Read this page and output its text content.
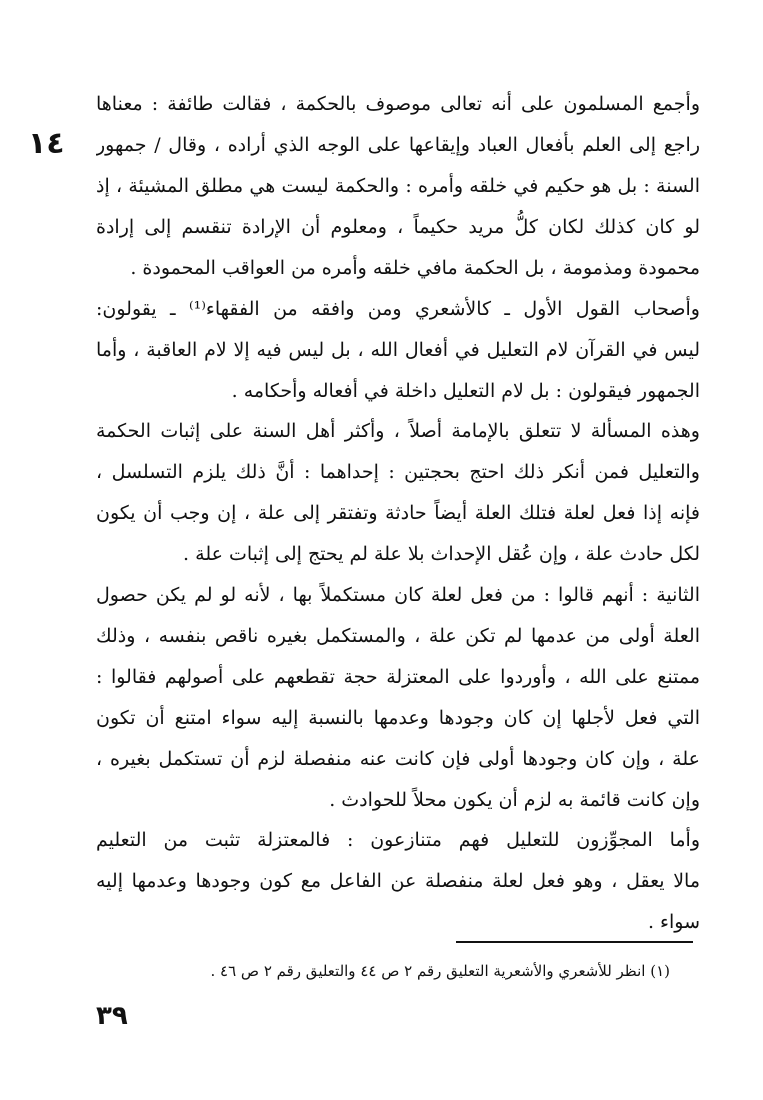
١٤
وأجمع المسلمون على أنه تعالى موصوف بالحكمة ، فقالت طائفة : معناها
راجع إلى العلم بأفعال العباد وإيقاعها على الوجه الذي أراده ، وقال / جمهور
السنة : بل هو حكيم في خلقه وأمره : والحكمة ليست هي مطلق المشيئة ، إذ
لو كان كذلك لكان كلُّ مريد حكيماً ، ومعلوم أن الإرادة تنقسم إلى إرادة
محمودة ومذمومة ، بل الحكمة مافي خلقه وأمره من العواقب المحمودة .
وأصحاب القول الأول ـ كالأشعري ومن وافقه من الفقهاء⁽¹⁾ ـ يقولون:
ليس في القرآن لام التعليل في أفعال الله ، بل ليس فيه إلا لام العاقبة ، وأما
الجمهور فيقولون : بل لام التعليل داخلة في أفعاله وأحكامه .
وهذه المسألة لا تتعلق بالإمامة أصلاً ، وأكثر أهل السنة على إثبات الحكمة
والتعليل فمن أنكر ذلك احتج بحجتين : إحداهما : أنَّ ذلك يلزم التسلسل ،
فإنه إذا فعل لعلة فتلك العلة أيضاً حادثة وتفتقر إلى علة ، إن وجب أن يكون
لكل حادث علة ، وإن عُقل الإحداث بلا علة لم يحتج إلى إثبات علة .
الثانية : أنهم قالوا : من فعل لعلة كان مستكملاً بها ، لأنه لو لم يكن حصول
العلة أولى من عدمها لم تكن علة ، والمستكمل بغيره ناقص بنفسه ، وذلك
ممتنع على الله ، وأوردوا على المعتزلة حجة تقطعهم على أصولهم فقالوا :
التي فعل لأجلها إن كان وجودها وعدمها بالنسبة إليه سواء امتنع أن تكون
علة ، وإن كان وجودها أولى فإن كانت عنه منفصلة لزم أن تستكمل بغيره ،
وإن كانت قائمة به لزم أن يكون محلاً للحوادث .
وأما المجوِّزون للتعليل فهم متنازعون : فالمعتزلة تثبت من التعليم
مالا يعقل ، وهو فعل لعلة منفصلة عن الفاعل مع كون وجودها وعدمها إليه
سواء .
(١) انظر للأشعري والأشعرية التعليق رقم ٢ ص ٤٤ والتعليق رقم ٢ ص ٤٦ .
٣٩
